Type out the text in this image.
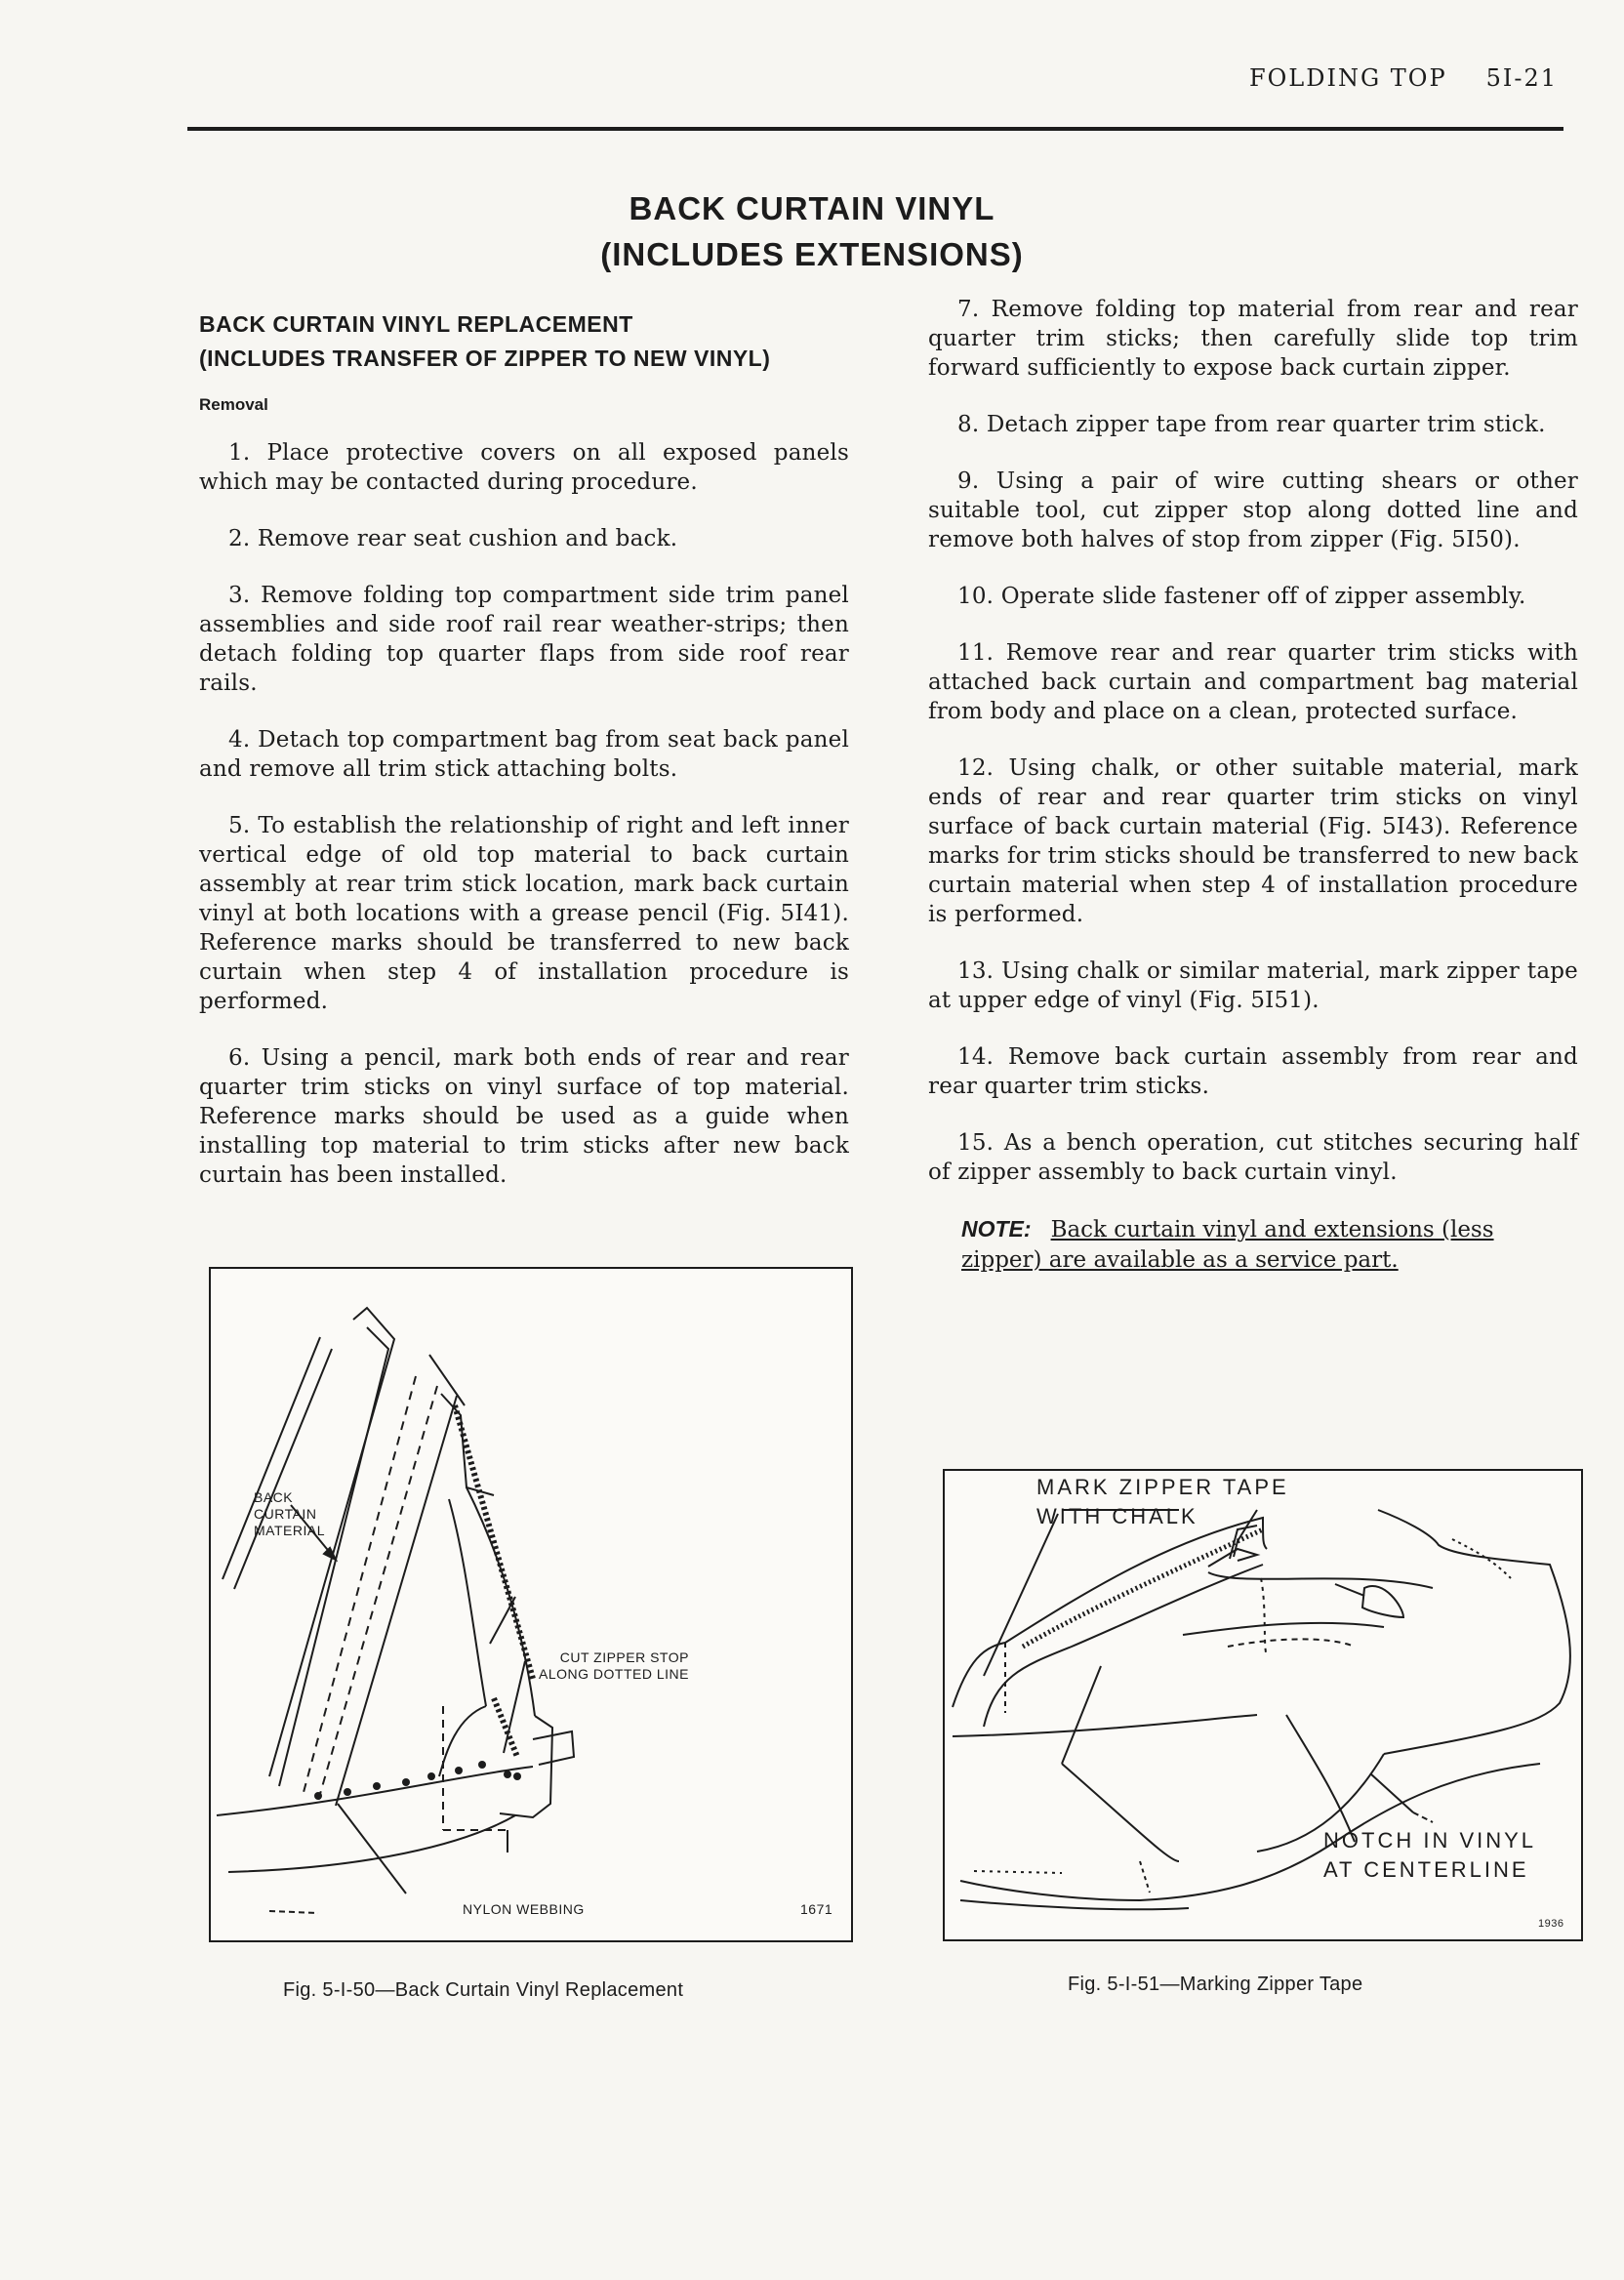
FOLDING TOP 5I-21
BACK CURTAIN VINYL
(INCLUDES EXTENSIONS)
BACK CURTAIN VINYL REPLACEMENT
(INCLUDES TRANSFER OF ZIPPER TO NEW VINYL)
Removal

1. Place protective covers on all exposed panels which may be contacted during procedure.

2. Remove rear seat cushion and back.

3. Remove folding top compartment side trim panel assemblies and side roof rail rear weather-strips; then detach folding top quarter flaps from side roof rear rails.

4. Detach top compartment bag from seat back panel and remove all trim stick attaching bolts.

5. To establish the relationship of right and left inner vertical edge of old top material to back curtain assembly at rear trim stick location, mark back curtain vinyl at both locations with a grease pencil (Fig. 5I41). Reference marks should be transferred to new back curtain when step 4 of installation procedure is performed.

6. Using a pencil, mark both ends of rear and rear quarter trim sticks on vinyl surface of top material. Reference marks should be used as a guide when installing top material to trim sticks after new back curtain has been installed.

7. Remove folding top material from rear and rear quarter trim sticks; then carefully slide top trim forward sufficiently to expose back curtain zipper.

8. Detach zipper tape from rear quarter trim stick.

9. Using a pair of wire cutting shears or other suitable tool, cut zipper stop along dotted line and remove both halves of stop from zipper (Fig. 5I50).

10. Operate slide fastener off of zipper assembly.

11. Remove rear and rear quarter trim sticks with attached back curtain and compartment bag material from body and place on a clean, protected surface.

12. Using chalk, or other suitable material, mark ends of rear and rear quarter trim sticks on vinyl surface of back curtain material (Fig. 5I43). Reference marks for trim sticks should be transferred to new back curtain material when step 4 of installation procedure is performed.

13. Using chalk or similar material, mark zipper tape at upper edge of vinyl (Fig. 5I51).

14. Remove back curtain assembly from rear and rear quarter trim sticks.

15. As a bench operation, cut stitches securing half of zipper assembly to back curtain vinyl.

NOTE: Back curtain vinyl and extensions (less zipper) are available as a service part.
BACK
CURTAIN
MATERIAL
CUT ZIPPER STOP
ALONG DOTTED LINE
NYLON WEBBING	1671
Fig. 5-I-50—Back Curtain Vinyl Replacement
MARK ZIPPER TAPE
WITH CHALK
NOTCH IN VINYL
AT CENTERLINE
1936
Fig. 5-I-51—Marking Zipper Tape
